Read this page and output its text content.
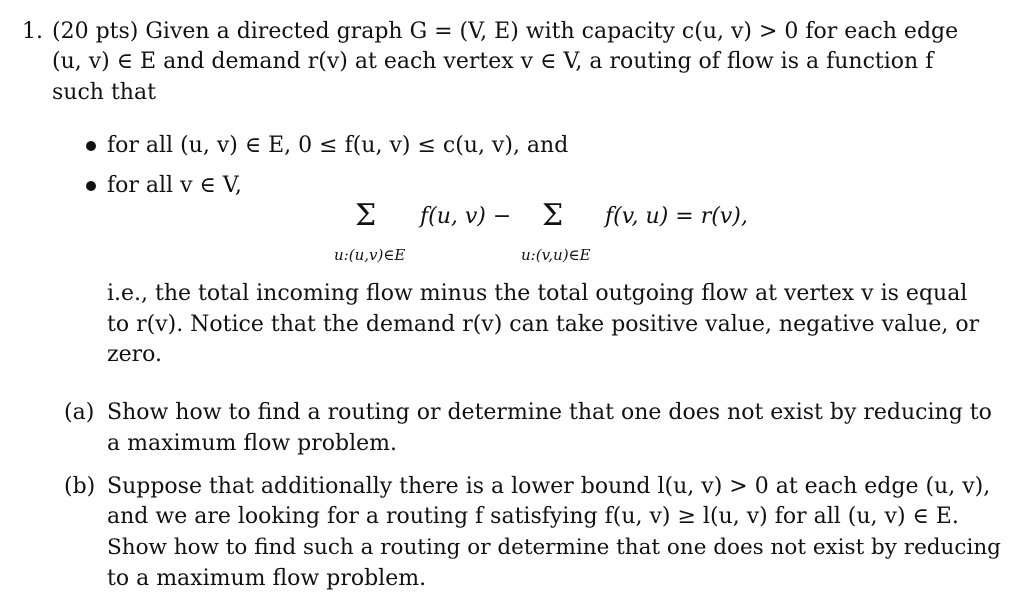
1. (20 pts) Given a directed graph G = (V, E) with capacity c(u, v) > 0 for each edge
(u, v) ∈ E and demand r(v) at each vertex v ∈ V, a routing of flow is a function f
such that
for all (u, v) ∈ E, 0 ≤ f(u, v) ≤ c(u, v), and
for all v ∈ V,
Σ f(u, v) − Σ f(v, u) = r(v),
u:(u,v)∈E	u:(v,u)∈E
i.e., the total incoming flow minus the total outgoing flow at vertex v is equal
to r(v). Notice that the demand r(v) can take positive value, negative value, or
zero.
(a) Show how to find a routing or determine that one does not exist by reducing to
a maximum flow problem.
(b) Suppose that additionally there is a lower bound l(u, v) > 0 at each edge (u, v),
and we are looking for a routing f satisfying f(u, v) ≥ l(u, v) for all (u, v) ∈ E.
Show how to find such a routing or determine that one does not exist by reducing
to a maximum flow problem.
